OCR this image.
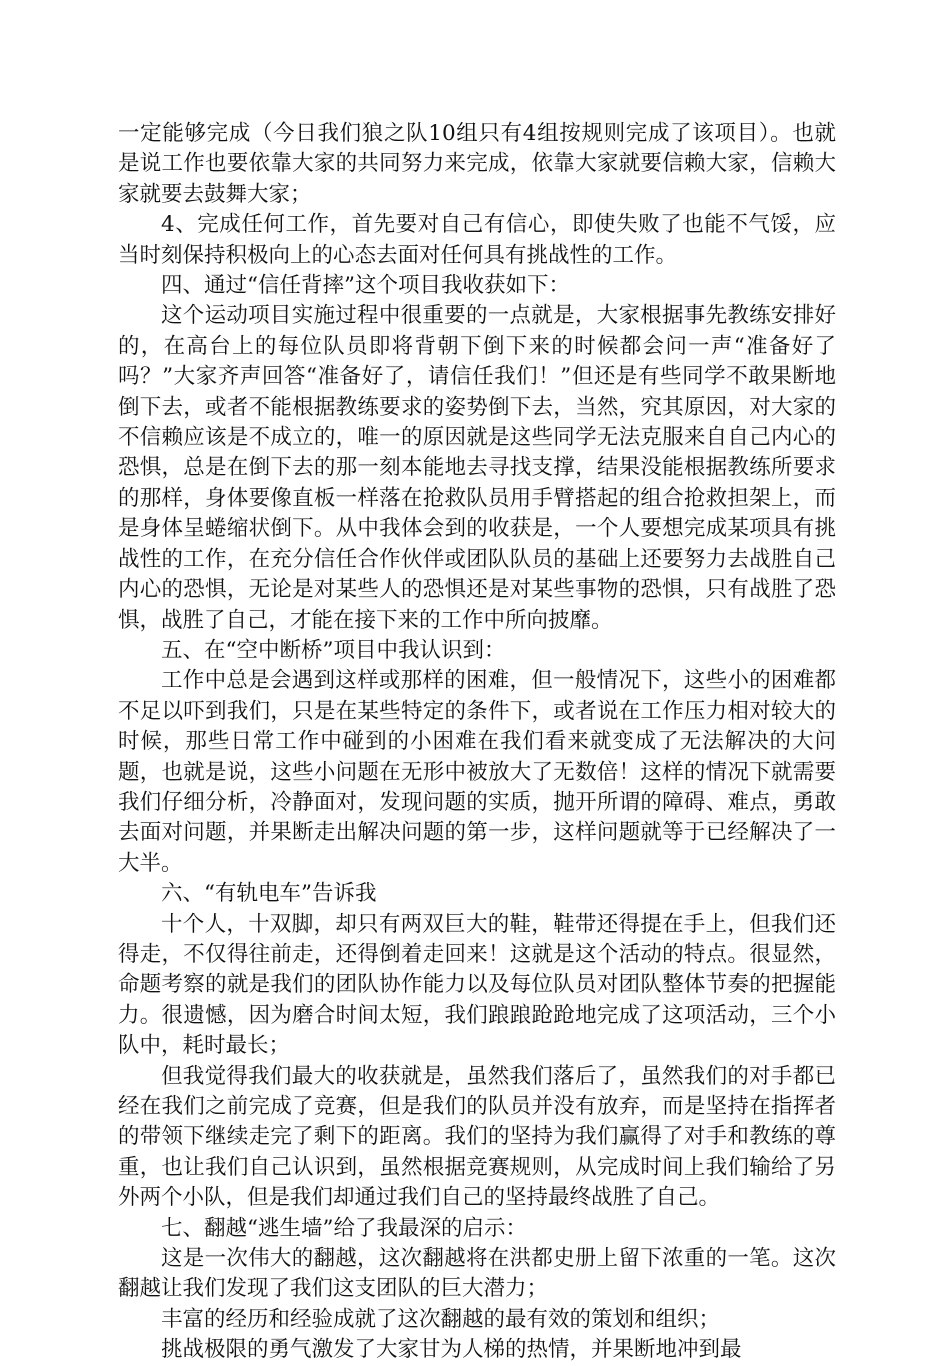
一定能够完成（今日我们狼之队10组只有4组按规则完成了该项目）。也就是说工作也要依靠大家的共同努力来完成，依靠大家就要信赖大家，信赖大家就要去鼓舞大家；

4、完成任何工作，首先要对自己有信心，即使失败了也能不气馁，应当时刻保持积极向上的心态去面对任何具有挑战性的工作。

四、通过“信任背摔”这个项目我收获如下：

这个运动项目实施过程中很重要的一点就是，大家根据事先教练安排好的，在高台上的每位队员即将背朝下倒下来的时候都会问一声“准备好了吗？”大家齐声回答“准备好了，请信任我们！”但还是有些同学不敢果断地倒下去，或者不能根据教练要求的姿势倒下去，当然，究其原因，对大家的不信赖应该是不成立的，唯一的原因就是这些同学无法克服来自自己内心的恐惧，总是在倒下去的那一刻本能地去寻找支撑，结果没能根据教练所要求的那样，身体要像直板一样落在抢救队员用手臂搭起的组合抢救担架上，而是身体呈蜷缩状倒下。从中我体会到的收获是，一个人要想完成某项具有挑战性的工作，在充分信任合作伙伴或团队队员的基础上还要努力去战胜自己内心的恐惧，无论是对某些人的恐惧还是对某些事物的恐惧，只有战胜了恐惧，战胜了自己，才能在接下来的工作中所向披靡。

五、在“空中断桥”项目中我认识到：

工作中总是会遇到这样或那样的困难，但一般情况下，这些小的困难都不足以吓到我们，只是在某些特定的条件下，或者说在工作压力相对较大的时候，那些日常工作中碰到的小困难在我们看来就变成了无法解决的大问题，也就是说，这些小问题在无形中被放大了无数倍！这样的情况下就需要我们仔细分析，冷静面对，发现问题的实质，抛开所谓的障碍、难点，勇敢去面对问题，并果断走出解决问题的第一步，这样问题就等于已经解决了一大半。

六、“有轨电车”告诉我

十个人，十双脚，却只有两双巨大的鞋，鞋带还得提在手上，但我们还得走，不仅得往前走，还得倒着走回来！这就是这个活动的特点。很显然，命题考察的就是我们的团队协作能力以及每位队员对团队整体节奏的把握能力。很遗憾，因为磨合时间太短，我们踉踉跄跄地完成了这项活动，三个小队中，耗时最长；

但我觉得我们最大的收获就是，虽然我们落后了，虽然我们的对手都已经在我们之前完成了竞赛，但是我们的队员并没有放弃，而是坚持在指挥者的带领下继续走完了剩下的距离。我们的坚持为我们赢得了对手和教练的尊重，也让我们自己认识到，虽然根据竞赛规则，从完成时间上我们输给了另外两个小队，但是我们却通过我们自己的坚持最终战胜了自己。

七、翻越“逃生墙”给了我最深的启示：

这是一次伟大的翻越，这次翻越将在洪都史册上留下浓重的一笔。这次翻越让我们发现了我们这支团队的巨大潜力；

丰富的经历和经验成就了这次翻越的最有效的策划和组织；

挑战极限的勇气激发了大家甘为人梯的热情，并果断地冲到最
